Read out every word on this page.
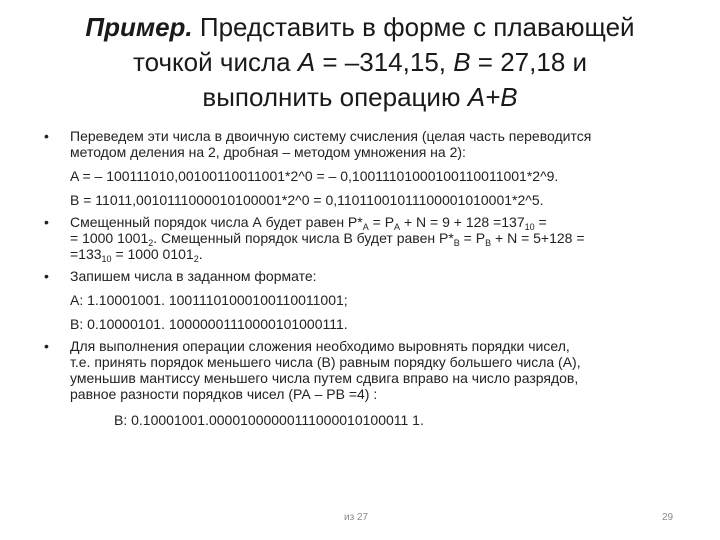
Пример. Представить в форме с плавающей
точкой числа A = –314,15, B = 27,18 и
выполнить операцию A+B
• Переведем эти числа в двоичную систему счисления (целая часть переводится
методом деления на 2, дробная – методом умножения на 2):
A = – 100111010,00100110011001*2^0 = – 0,10011101000100110011001*2^9.
B = 11011,0010111000010100001*2^0 = 0,11011001011100001010001*2^5.
• Смещенный порядок числа А будет равен $Р*_A = Р_A + N = 9 + 128 =137_{10}$ =
= 1000 $1001_2$. Смещенный порядок числа В будет равен $Р*_B = Р_B + N = 5+128$ =
$=133_{10} = 1000$ $0101_2$.
• Запишем числа в заданном формате:
А: 1.10001001. 10011101000100110011001;
В: 0.10000101. 10000001110000101000111.
• Для выполнения операции сложения необходимо выровнять порядки чисел,
т.е. принять порядок меньшего числа (В) равным порядку большего числа (А),
уменьшив мантиссу меньшего числа путем сдвига вправо на число разрядов,
равное разности порядков чисел (РА – РВ =4) :
В: 0.10001001.00001000000111000010100011 1.
из 27	29
